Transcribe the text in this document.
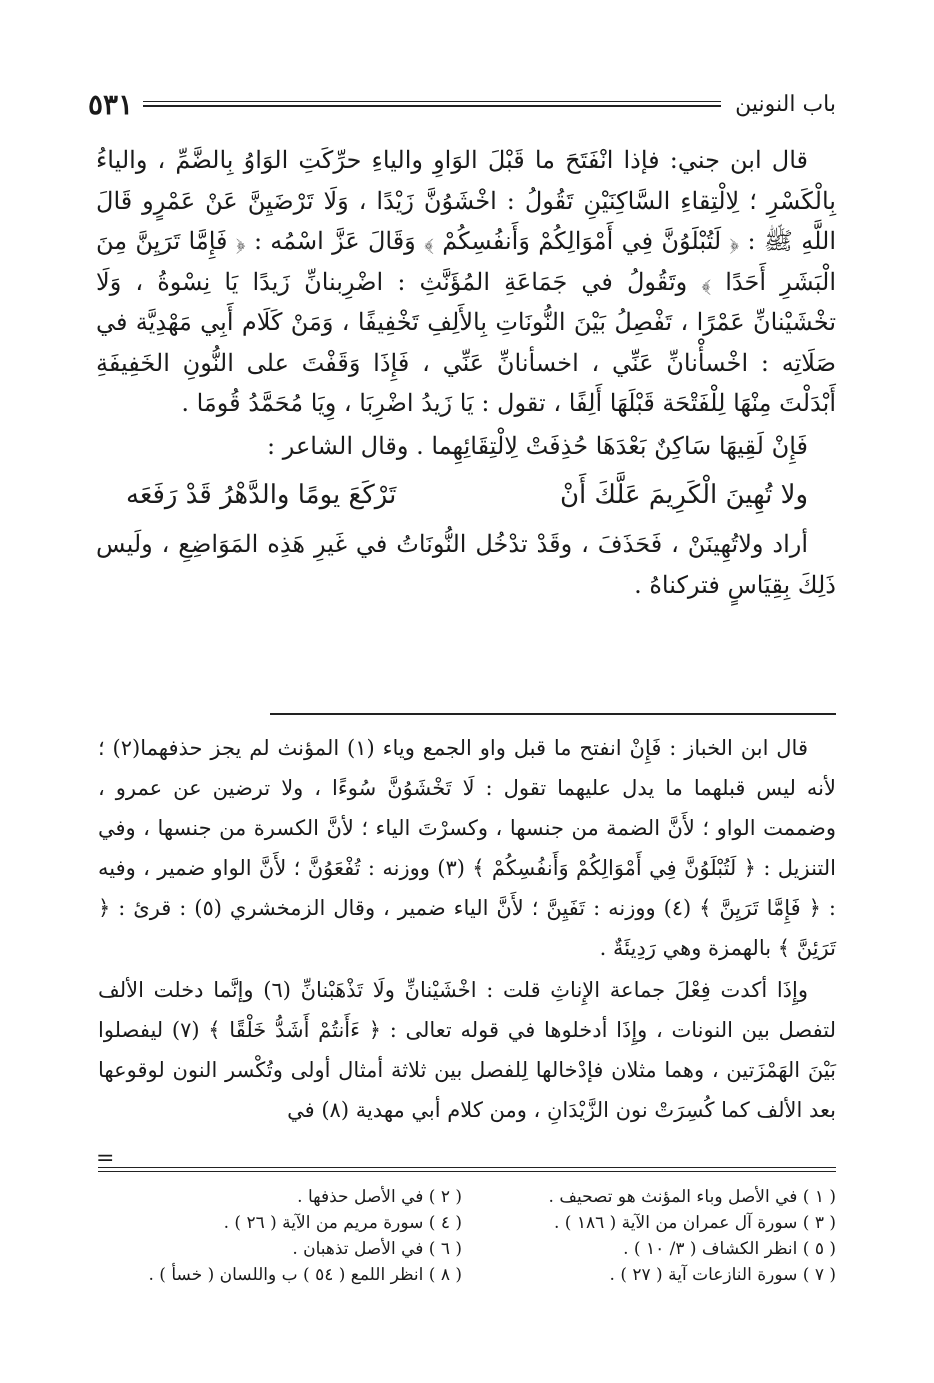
باب النونين
٥٣١

قال ابن جني: فإذا انْفَتَحَ ما قَبْلَ الوَاوِ والياءِ حرِّكَتِ الوَاوُ بِالضَّمِّ ، والياءُ بِالْكَسْرِ ؛ لِالْتِقاءِ السَّاكِنَيْنِ تَقُولُ : اخْشَوُنَّ زَيْدًا ، وَلَا تَرْضَيِنَّ عَنْ عَمْرٍو قَالَ اللَّهِ ﷺ : ﴿ لَتُبْلَوُنَّ فِي أَمْوَالِكُمْ وَأَنفُسِكُمْ ﴾ وَقَالَ عَزَّ اسْمُه : ﴿ فَإِمَّا تَرَيِنَّ مِنَ الْبَشَرِ أَحَدًا ﴾ وتَقُولُ في جَمَاعَةِ المُؤَنَّثِ : اضْرِبنانِّ زَيدًا يَا نِسْوةُ ، وَلَا تخْشَيْنانِّ عَمْرًا ، تَفْصِلُ بَيْنَ النُّونَاتِ بِالأَلِفِ تَخْفِيفًا ، وَمَنْ كَلَام أَبِي مَهْدِيَّة في صَلَاتِه : اخْسأْنانِّ عَنِّي ، اخسأنانِّ عَنِّي ، فَإِذَا وَقَفْتَ على النُّونِ الخَفِيفَةِ أَبْدَلْتَ مِنْهَا لِلْفَتْحَة قَبْلَهَا أَلِفًا ، تقول : يَا زَيدُ اضْرِبَا ، وِيَا مُحَمَّدُ قُومَا .

فَإِنْ لَقِيهَا سَاكِنٌ بَعْدَهَا حُذِفَتْ لِالْتِقَائِهِما . وقال الشاعر :

ولا تُهِينَ الْكَرِيمَ عَلَّكَ أَنْ
تَرْكَعَ يومًا والدَّهْرُ قَدْ رَفَعَه

أراد ولاتُهِينَنْ ، فَحَذَفَ ، وقَدْ تدْخُل النُّونَاتُ في غَيرِ هَذِه المَوَاضِعِ ، ولَيس ذَلِكَ بِقِيَاسٍ فتركناهُ .

قال ابن الخباز : فَإِنْ انفتح ما قبل واو الجمع وياء (١) المؤنث لم يجز حذفهما(٢) ؛ لأنه ليس قبلهما ما يدل عليهما تقول : لَا تَخْشَوُنَّ سُوءًا ، ولا ترضين عن عمرو ، وضممت الواو ؛ لأَنَّ الضمة من جنسها ، وكسرْتَ الياء ؛ لأنَّ الكسرة من جنسها ، وفي التنزيل : ﴿ لَتُبْلَوُنَّ فِي أَمْوَالِكُمْ وَأَنفُسِكُمْ ﴾ (٣) ووزنه : تُفْعَوُنَّ ؛ لأَنَّ الواو ضمير ، وفيه : ﴿ فَإِمَّا تَرَيِنَّ ﴾ (٤) ووزنه : تَفَيِنَّ ؛ لأَنَّ الياء ضمير ، وقال الزمخشري (٥) : قرئ : ﴿ تَرَئِنَّ ﴾ بالهمزة وهي رَدِيئَةٌ .

وإِذَا أكدت فِعْلَ جماعة الإِناثِ قلت : اخْشَيْنانِّ ولَا تَذْهَبْنانِّ (٦) وإنَّما دخلت الألف لتفصل بين النونات ، وإِذَا أدخلوها في قوله تعالى : ﴿ ءَأَنتُمْ أَشَدُّ خَلْقًا ﴾ (٧) ليفصلوا بَيْنَ الهَمْزَتين ، وهما مثلان فإدْخالها لِلفصل بين ثلاثة أمثال أولى وتُكْسر النون لوقوعها بعد الألف كما كُسِرَتْ نون الزَّيْدَانِ ، ومن كلام أبي مهدية (٨) في

=
( ١ ) في الأصل وباء المؤنث هو تصحيف .
( ٢ ) في الأصل حذفها .
( ٣ ) سورة آل عمران من الآية ( ١٨٦ ) .
( ٤ ) سورة مريم من الآية ( ٢٦ ) .
( ٥ ) انظر الكشاف ( ٣/ ١٠ ) .
( ٦ ) في الأصل تذهبان .
( ٧ ) سورة النازعات آية ( ٢٧ ) .
( ٨ ) انظر اللمع ( ٥٤ ) ب واللسان ( خسأ ) .
